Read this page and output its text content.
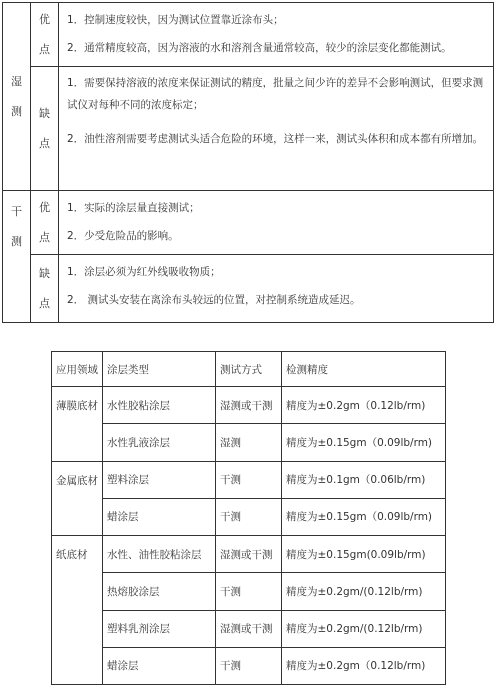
湿测	优点	1．控制速度较快，因为测试位置靠近涂布头；
2．通常精度较高，因为溶液的水和溶剂含量通常较高，较少的涂层变化都能测试。

	缺点	1．需要保持溶液的浓度来保证测试的精度，批量之间少许的差异不会影响测试，但要求测试仪对每种不同的浓度标定；
2．油性溶剂需要考虑测试头适合危险的环境，这样一来，测试头体积和成本都有所增加。

干测	优点	1．实际的涂层量直接测试；
2．少受危险品的影响。

	缺点	1．涂层必须为红外线吸收物质；
2． 测试头安装在离涂布头较远的位置，对控制系统造成延迟。
应用领域	涂层类型	测试方式	检测精度
薄膜底材	水性胶粘涂层	湿测或干测	精度为±0.2gm（0.12lb/rm)
	水性乳液涂层	湿测	精度为±0.15gm（0.09lb/rm)
金属底材	塑料涂层	干测	精度为±0.1gm（0.06lb/rm)
	蜡涂层	干测	精度为±0.15gm（0.09lb/rm)
纸底材	水性、油性胶粘涂层	湿测或干测	精度为±0.15gm(0.09lb/rm)
	热熔胶涂层	干测	精度为±0.2gm/(0.12lb/rm)
	塑料乳剂涂层	湿测或干测	精度为±0.2gm/(0.12lb/rm)
	蜡涂层	干测	精度为±0.2gm（0.12lb/rm)
